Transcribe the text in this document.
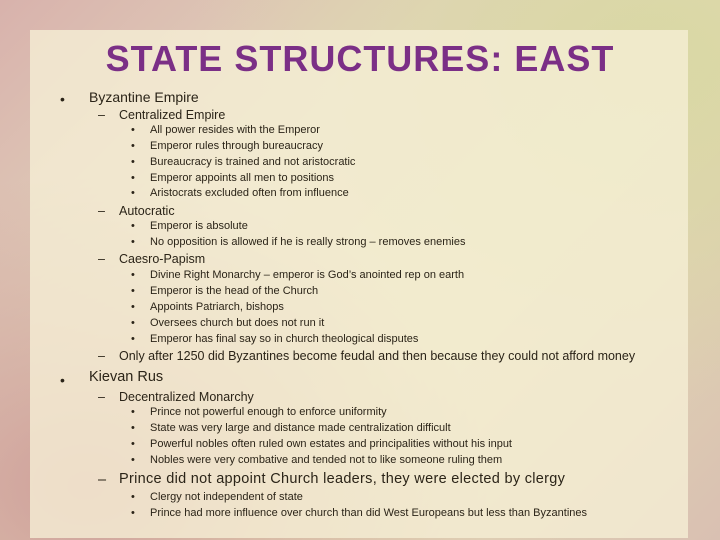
STATE STRUCTURES: EAST
• Byzantine Empire
– Centralized Empire
• All power resides with the Emperor
• Emperor rules through bureaucracy
• Bureaucracy is trained and not aristocratic
• Emperor appoints all men to positions
• Aristocrats excluded often from influence
– Autocratic
• Emperor is absolute
• No opposition is allowed if he is really strong – removes enemies
– Caesro-Papism
• Divine Right Monarchy – emperor is God’s anointed rep on earth
• Emperor is the head of the Church
• Appoints Patriarch, bishops
• Oversees church but does not run it
• Emperor has final say so in church theological disputes
– Only after 1250 did Byzantines become feudal and then because they could not afford money
• Kievan Rus
– Decentralized Monarchy
• Prince not powerful enough to enforce uniformity
• State was very large and distance made centralization difficult
• Powerful nobles often ruled own estates and principalities without his input
• Nobles were very combative and tended not to like someone ruling them
– Prince did not appoint Church leaders, they were elected by clergy
• Clergy not independent of state
• Prince had more influence over church than did West Europeans but less than Byzantines
